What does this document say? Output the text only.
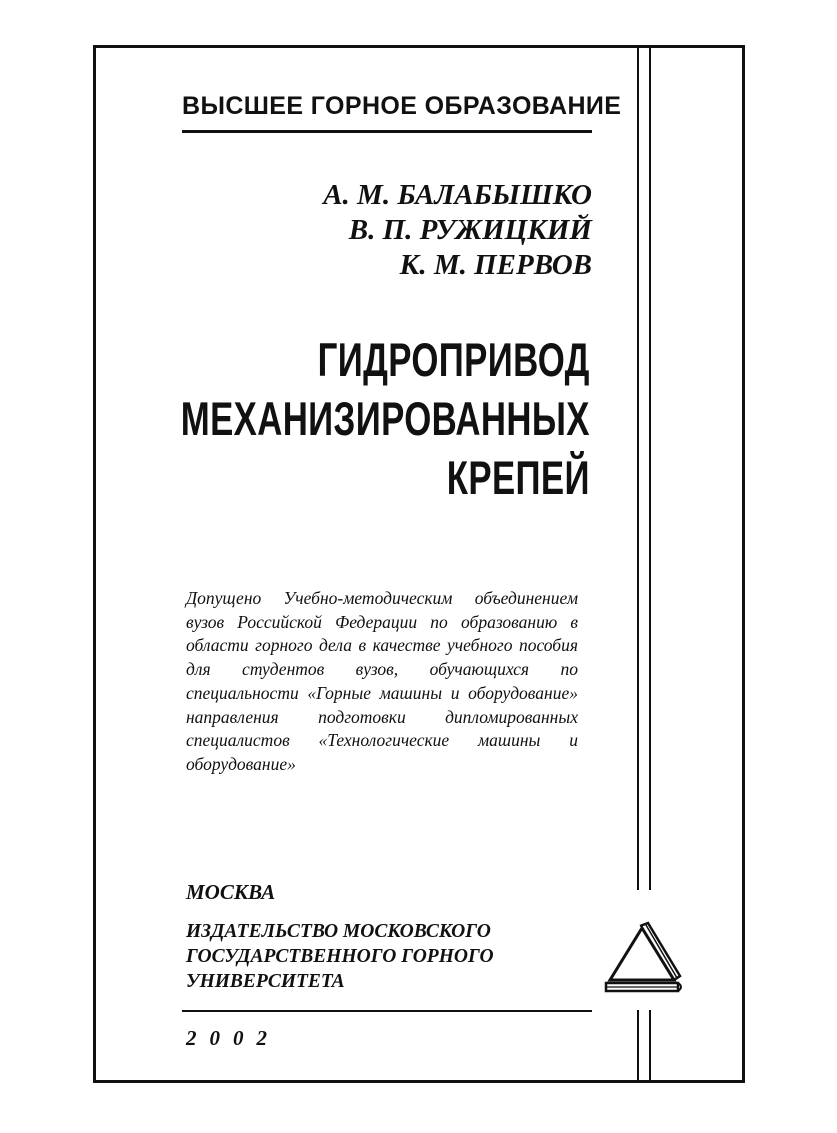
ВЫСШЕЕ ГОРНОЕ ОБРАЗОВАНИЕ
А. М. БАЛАБЫШКО
В. П. РУЖИЦКИЙ
К. М. ПЕРВОВ
ГИДРОПРИВОД
МЕХАНИЗИРОВАННЫХ
КРЕПЕЙ
Допущено Учебно-методическим объединением вузов Российской Федерации по образованию в области горного дела в качестве учебного пособия для студентов вузов, обучающихся по специальности «Горные машины и оборудование» направления подготовки дипломированных специалистов «Технологические машины и оборудование»
МОСКВА
ИЗДАТЕЛЬСТВО МОСКОВСКОГО ГОСУДАРСТВЕННОГО ГОРНОГО УНИВЕРСИТЕТА
2002
